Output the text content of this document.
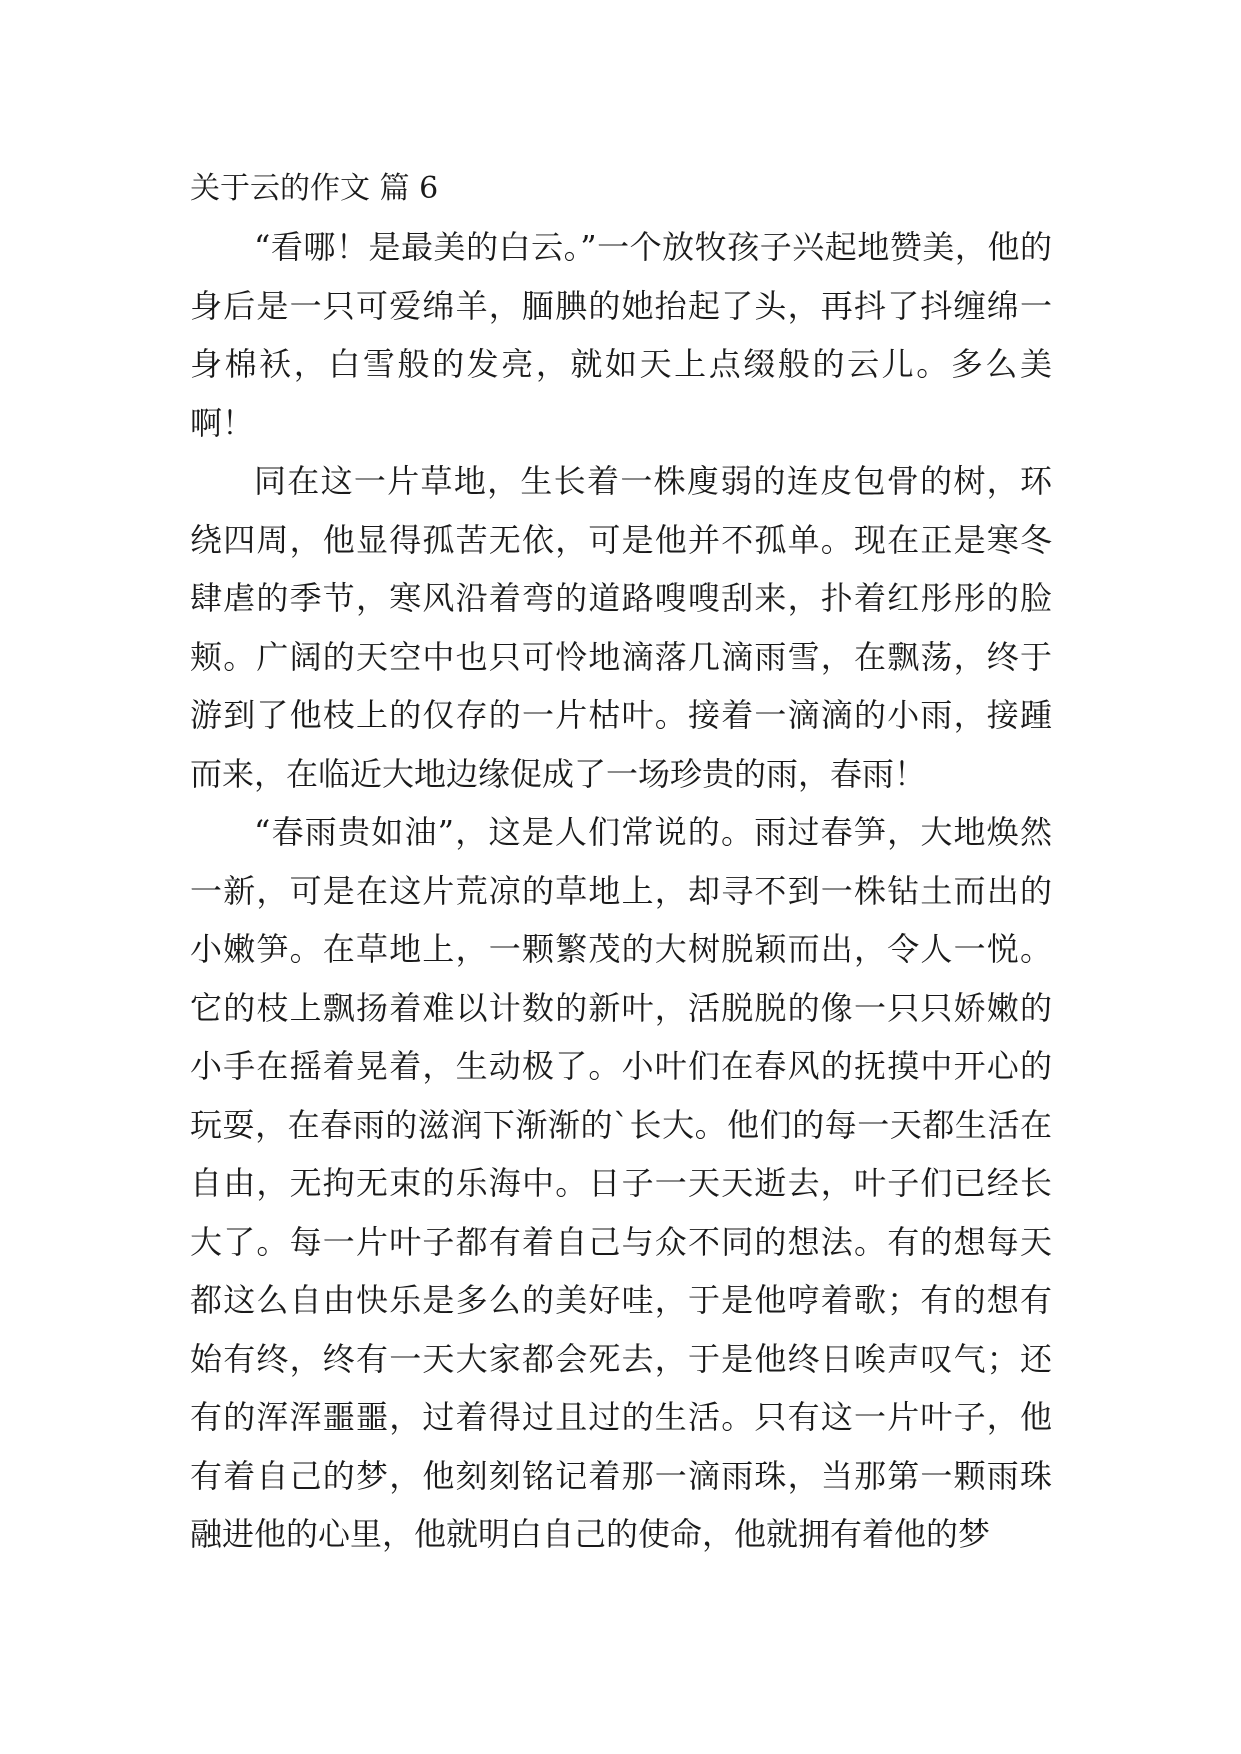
关于云的作文 篇 6

“看哪！是最美的白云。”一个放牧孩子兴起地赞美，他的身后是一只可爱绵羊，腼腆的她抬起了头，再抖了抖缠绵一身棉袄，白雪般的发亮，就如天上点缀般的云儿。多么美啊！

同在这一片草地，生长着一株廋弱的连皮包骨的树，环绕四周，他显得孤苦无依，可是他并不孤单。现在正是寒冬肆虐的季节，寒风沿着弯的道路嗖嗖刮来，扑着红彤彤的脸颊。广阔的天空中也只可怜地滴落几滴雨雪，在飘荡，终于游到了他枝上的仅存的一片枯叶。接着一滴滴的小雨，接踵而来，在临近大地边缘促成了一场珍贵的雨，春雨！

“春雨贵如油”，这是人们常说的。雨过春笋，大地焕然一新，可是在这片荒凉的草地上，却寻不到一株钻土而出的小嫩笋。在草地上，一颗繁茂的大树脱颖而出，令人一悦。它的枝上飘扬着难以计数的新叶，活脱脱的像一只只娇嫩的小手在摇着晃着，生动极了。小叶们在春风的抚摸中开心的玩耍，在春雨的滋润下渐渐的`长大。他们的每一天都生活在自由，无拘无束的乐海中。日子一天天逝去，叶子们已经长大了。每一片叶子都有着自己与众不同的想法。有的想每天都这么自由快乐是多么的美好哇，于是他哼着歌；有的想有始有终，终有一天大家都会死去，于是他终日唉声叹气；还有的浑浑噩噩，过着得过且过的生活。只有这一片叶子，他有着自己的梦，他刻刻铭记着那一滴雨珠，当那第一颗雨珠融进他的心里，他就明白自己的使命，他就拥有着他的梦
